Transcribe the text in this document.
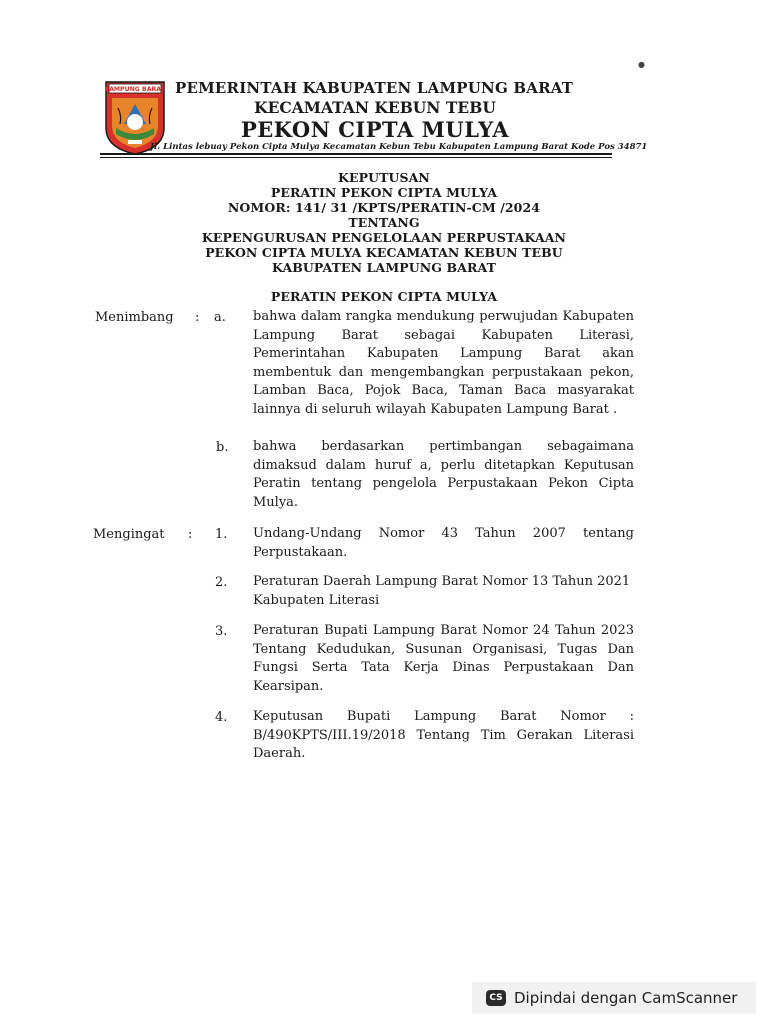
●
LAMPUNG BARAT PEMERINTAH KABUPATEN LAMPUNG BARAT
KECAMATAN KEBUN TEBU
PEKON CIPTA MULYA
Jl. Lintas lebuay Pekon Cipta Mulya Kecamatan Kebun Tebu Kabupaten Lampung Barat Kode Pos 34871
KEPUTUSAN
PERATIN PEKON CIPTA MULYA
NOMOR: 141/ 31 /KPTS/PERATIN-CM /2024
TENTANG
KEPENGURUSAN PENGELOLAAN PERPUSTAKAAN
PEKON CIPTA MULYA KECAMATAN KEBUN TEBU
KABUPATEN LAMPUNG BARAT
PERATIN PEKON CIPTA MULYA
Menimbang : a. bahwa dalam rangka mendukung perwujudan Kabupaten Lampung Barat sebagai Kabupaten Literasi, Pemerintahan Kabupaten Lampung Barat akan membentuk dan mengembangkan perpustakaan pekon, Lamban Baca, Pojok Baca, Taman Baca masyarakat lainnya di seluruh wilayah Kabupaten Lampung Barat .
b. bahwa berdasarkan pertimbangan sebagaimana dimaksud dalam huruf a, perlu ditetapkan Keputusan Peratin tentang pengelola Perpustakaan Pekon Cipta Mulya.
Mengingat : 1. Undang-Undang Nomor 43 Tahun 2007 tentang Perpustakaan.
2. Peraturan Daerah Lampung Barat Nomor 13 Tahun 2021 Kabupaten Literasi
3. Peraturan Bupati Lampung Barat Nomor 24 Tahun 2023 Tentang Kedudukan, Susunan Organisasi, Tugas Dan Fungsi Serta Tata Kerja Dinas Perpustakaan Dan Kearsipan.
4. Keputusan Bupati Lampung Barat Nomor : B/490KPTS/III.19/2018 Tentang Tim Gerakan Literasi Daerah.
CS Dipindai dengan CamScanner
